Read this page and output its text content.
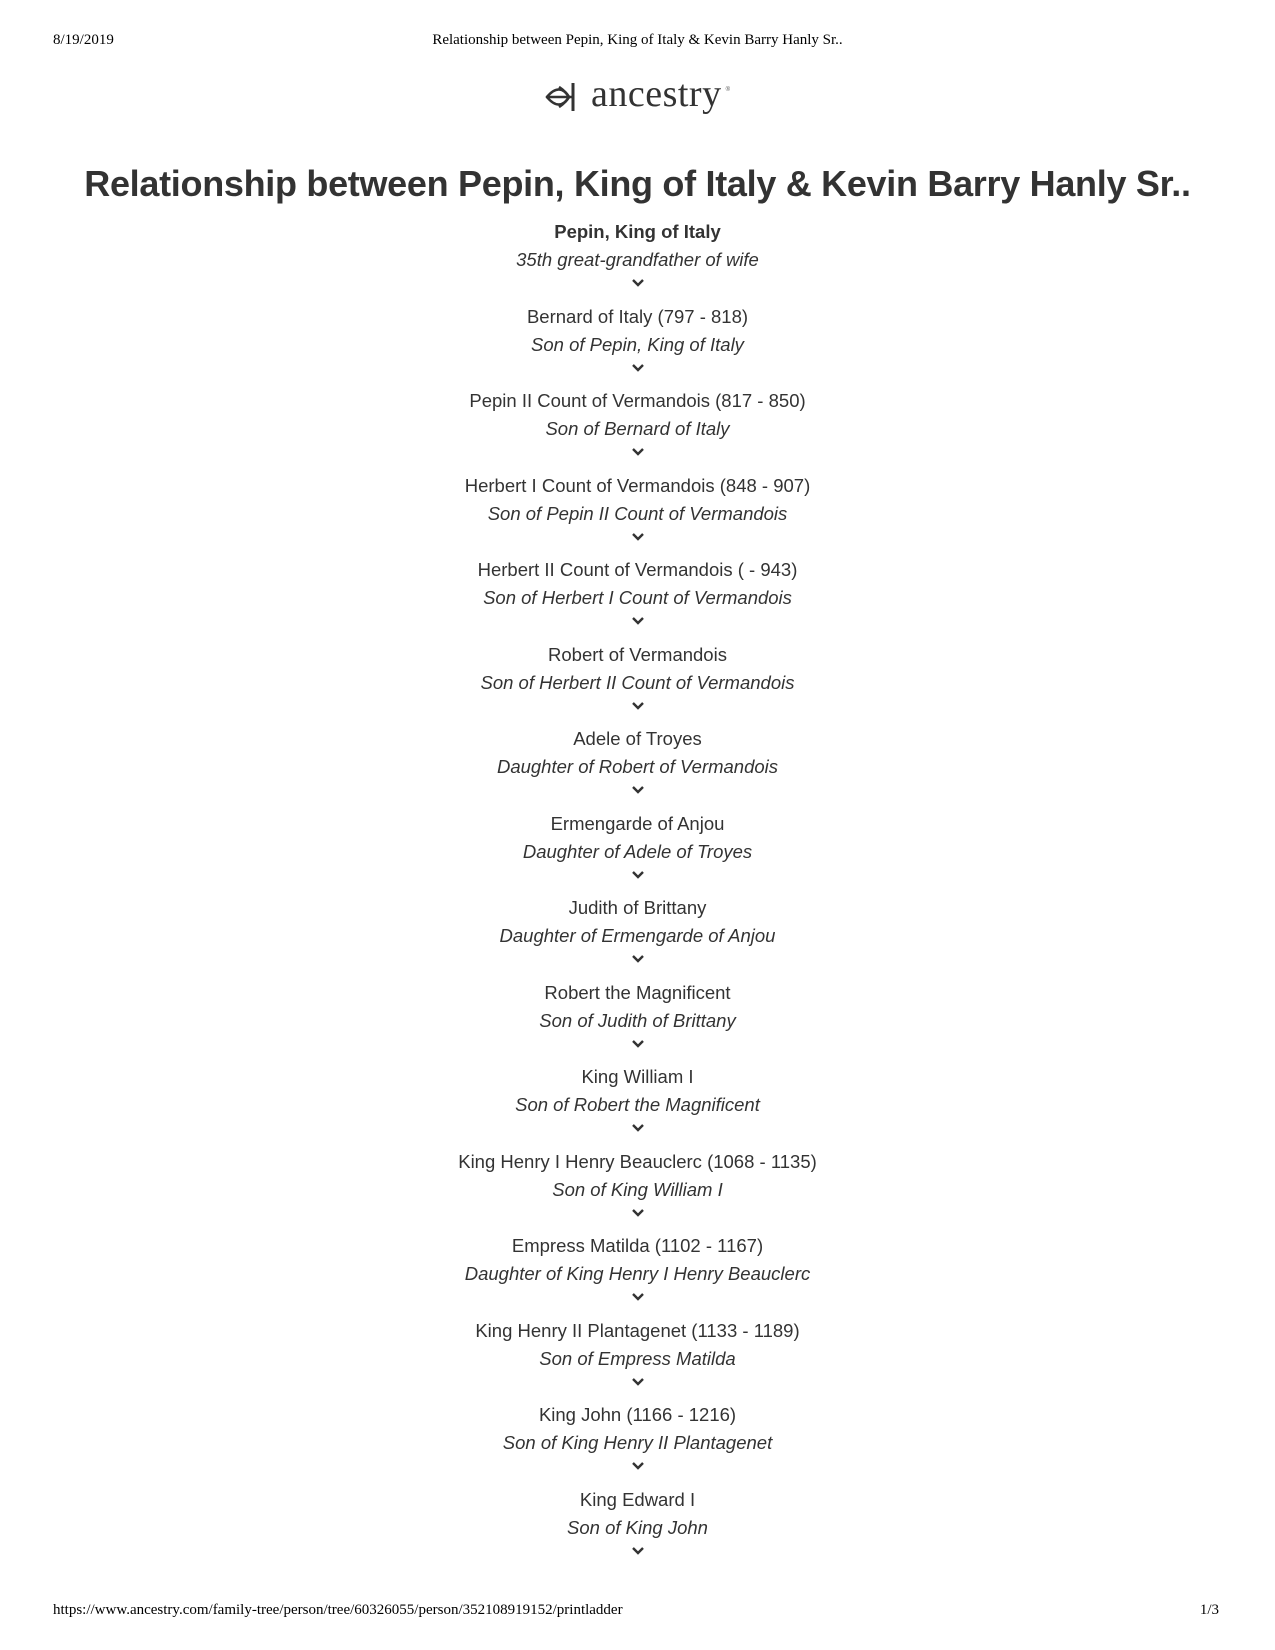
8/19/2019	Relationship between Pepin, King of Italy & Kevin Barry Hanly Sr..
ancestry ®
Relationship between Pepin, King of Italy & Kevin Barry Hanly Sr..
Pepin, King of Italy
35th great-grandfather of wife
Bernard of Italy (797 - 818)
Son of Pepin, King of Italy
Pepin II Count of Vermandois (817 - 850)
Son of Bernard of Italy
Herbert I Count of Vermandois (848 - 907)
Son of Pepin II Count of Vermandois
Herbert II Count of Vermandois ( - 943)
Son of Herbert I Count of Vermandois
Robert of Vermandois
Son of Herbert II Count of Vermandois
Adele of Troyes
Daughter of Robert of Vermandois
Ermengarde of Anjou
Daughter of Adele of Troyes
Judith of Brittany
Daughter of Ermengarde of Anjou
Robert the Magnificent
Son of Judith of Brittany
King William I
Son of Robert the Magnificent
King Henry I Henry Beauclerc (1068 - 1135)
Son of King William I
Empress Matilda (1102 - 1167)
Daughter of King Henry I Henry Beauclerc
King Henry II Plantagenet (1133 - 1189)
Son of Empress Matilda
King John (1166 - 1216)
Son of King Henry II Plantagenet
King Edward I
Son of King John
https://www.ancestry.com/family-tree/person/tree/60326055/person/352108919152/printladder	1/3
